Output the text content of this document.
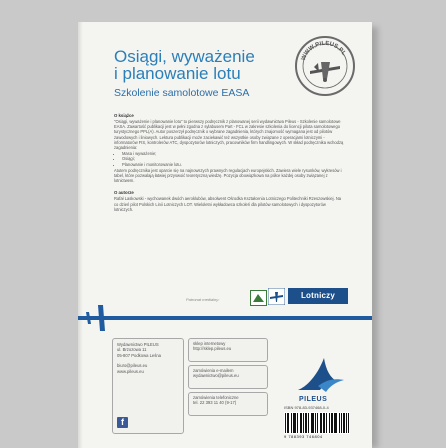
Osiągi, wyważenie
i planowanie lotu
Szkolenie samolotowe EASA
WWW.PILEUS.PL
O książce

"Osiągi, wyważenie i planowanie lotu" to pierwszy podręcznik z planowanej serii wydawnictwa Pileus - Szkolenie samolotowe EASA. Zawartość publikacji jest w pełni zgodna z sylabusem Part - FCL w zakresie szkolenia do licencji pilota samolotowego turystycznego PPL(A). Autor poszerzył podręcznik o wybrane zagadnienia, których znajomość wymagana jest od pilotów zawodowych i liniowych. Lektura publikacji może zaciekawić też wszystkie osoby związane z operacjami lotniczymi - informatorów FIS, kontrolerów ATC, dyspozytorów lotniczych, pracowników firm handlingowych. W skład podręcznika wchodzą zagadnienia:

• Masa i wyważenie;
• Osiągi;
• Planowanie i monitorowanie lotu.

Atutem podręcznika jest oparcie się na najnowszych prawnych regulacjach europejskich. Zawiera wiele rysunków, wykresów i tabel, które pozwalają łatwiej przyswoić teoretyczną wiedzę. Pozycja obowiązkowa na półce każdej osoby związanej z lotnictwem.

O autorze

Rafał Laskowski - wychowanek dwóch aeroklubów, absolwent Ośrodka Kształcenia Lotniczego Politechniki Rzeszowskiej. Na co dzień pilot Polskich Linii Lotniczych LOT. Wieloletni wykładowca szkoleń dla pilotów samolotowych i dyspozytorów lotniczych.

Patronat medialny:	Lotniczy

Wydawnictwo PILEUS

ul. Brzozowa 11

05-807 Podkowa Leśna

biuro@pileus.eu

www.pileus.eu

f

sklep internetowy

http://sklep.pileus.eu

zamówienia e-mailem

wydawnictwo@pileus.eu

zamówienia telefoniczne

tel. 22 393 11 40 (9-17)	PILEUS
ISBN 978-83-937468-0-4
9 788393 746804
